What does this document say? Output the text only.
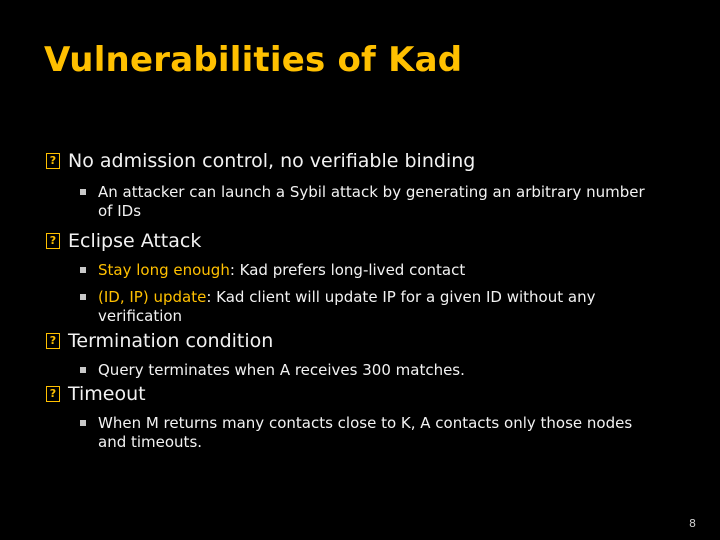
Vulnerabilities of Kad
?No admission control, no verifiable binding
An attacker can launch a Sybil attack by generating an arbitrary number of IDs
?Eclipse Attack
Stay long enough: Kad prefers long-lived contact
(ID, IP) update: Kad client will update IP for a given ID without any verification
?Termination condition
Query terminates when A receives 300 matches.
?Timeout
When M returns many contacts close to K, A contacts only those nodes and timeouts.
8
